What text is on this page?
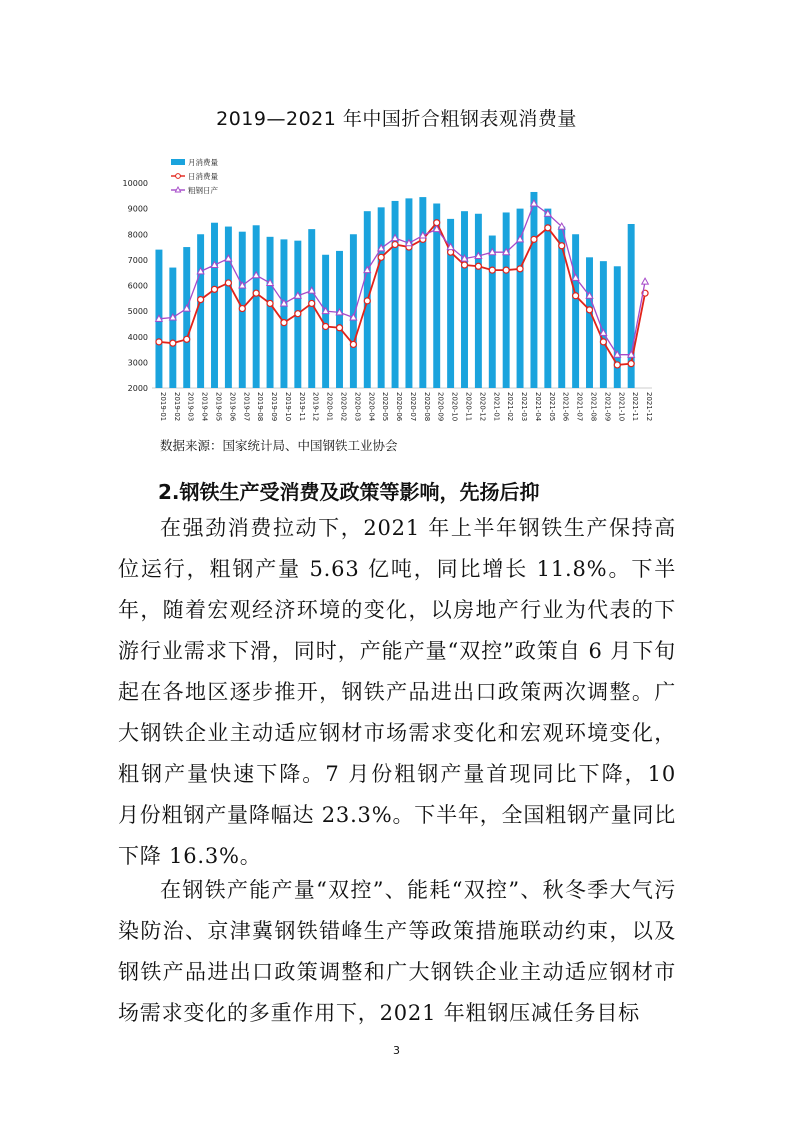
2019—2021 年中国折合粗钢表观消费量
2000
3000
4000
5000
6000
7000
8000
9000
10000
2019-01 2019-02 2019-03 2019-04 2019-05 2019-06 2019-07 2019-08 2019-09 2019-10 2019-11 2019-12 2020-01 2020-02 2020-03 2020-04 2020-05 2020-06 2020-07 2020-08 2020-09 2020-10 2020-11 2020-12 2021-01 2021-02 2021-03 2021-04 2021-05 2021-06 2021-07 2021-08 2021-09 2021-10 2021-11 2021-12
月消费量
日消费量
粗钢日产
数据来源：国家统计局、中国钢铁工业协会
2.钢铁生产受消费及政策等影响，先扬后抑
在强劲消费拉动下，2021 年上半年钢铁生产保持高位运行，粗钢产量 5.63 亿吨，同比增长 11.8%。下半年，随着宏观经济环境的变化，以房地产行业为代表的下游行业需求下滑，同时，产能产量“双控”政策自 6 月下旬起在各地区逐步推开，钢铁产品进出口政策两次调整。广大钢铁企业主动适应钢材市场需求变化和宏观环境变化，粗钢产量快速下降。7 月份粗钢产量首现同比下降，10 月份粗钢产量降幅达 23.3%。下半年，全国粗钢产量同比下降 16.3%。
在钢铁产能产量“双控”、能耗“双控”、秋冬季大气污染防治、京津冀钢铁错峰生产等政策措施联动约束，以及钢铁产品进出口政策调整和广大钢铁企业主动适应钢材市场需求变化的多重作用下，2021 年粗钢压减任务目标
3
